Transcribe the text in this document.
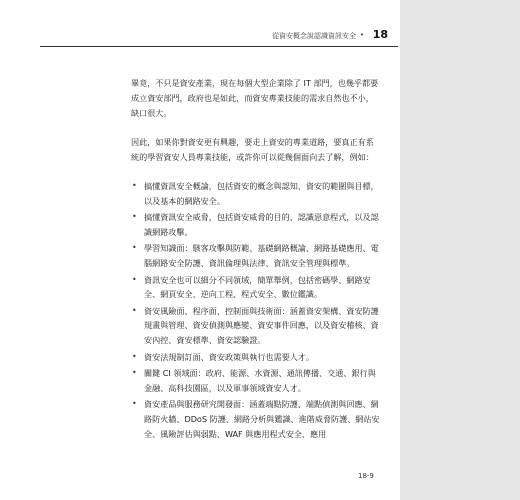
從資安概念說認識資訊安全 • 18

畢竟，不只是資安產業，現在每個大型企業除了 IT 部門，也幾乎都要成立資安部門，政府也是如此，而資安專業技能的需求自然也不小，缺口很大。

因此，如果你對資安更有興趣，要走上資安的專業道路，要真正有系統的學習資安人員專業技能，或許你可以從幾個面向去了解，例如：

• 搞懂資訊安全概論，包括資安的概念與認知、資安的範圍與目標，以及基本的網路安全。
• 搞懂資訊安全威脅，包括資安威脅的目的、認識惡意程式，以及認識網路攻擊。
• 學習知識面：駭客攻擊與防範、基礎網路概論、網路基礎應用、電腦網路安全防護、資訊倫理與法律、資訊安全管理與標準。
• 資訊安全也可以細分不同領域，簡單舉例，包括密碼學、網路安全、網頁安全、逆向工程、程式安全、數位鑑識。
• 資安風險面、程序面、控制面與技術面：涵蓋資安架構、資安防護規畫與管理、資安偵測與應變、資安事件回應，以及資安稽核、資安內控、資安標準、資安認驗證。
• 資安法規制訂面、資安政策與執行也需要人才。
• 關鍵 CI 領域面：政府、能源、水資源、通訊傳播、交通、銀行與金融、高科技園區，以及軍事領域資安人才。
• 資安產品與服務研究開發面：涵蓋端點防護、端點偵測與回應、網路防火牆、DDoS 防護、網路分析與鑑識、進階威脅防護、網站安全、風險評估與弱點、WAF 與應用程式安全、應用
18-9
